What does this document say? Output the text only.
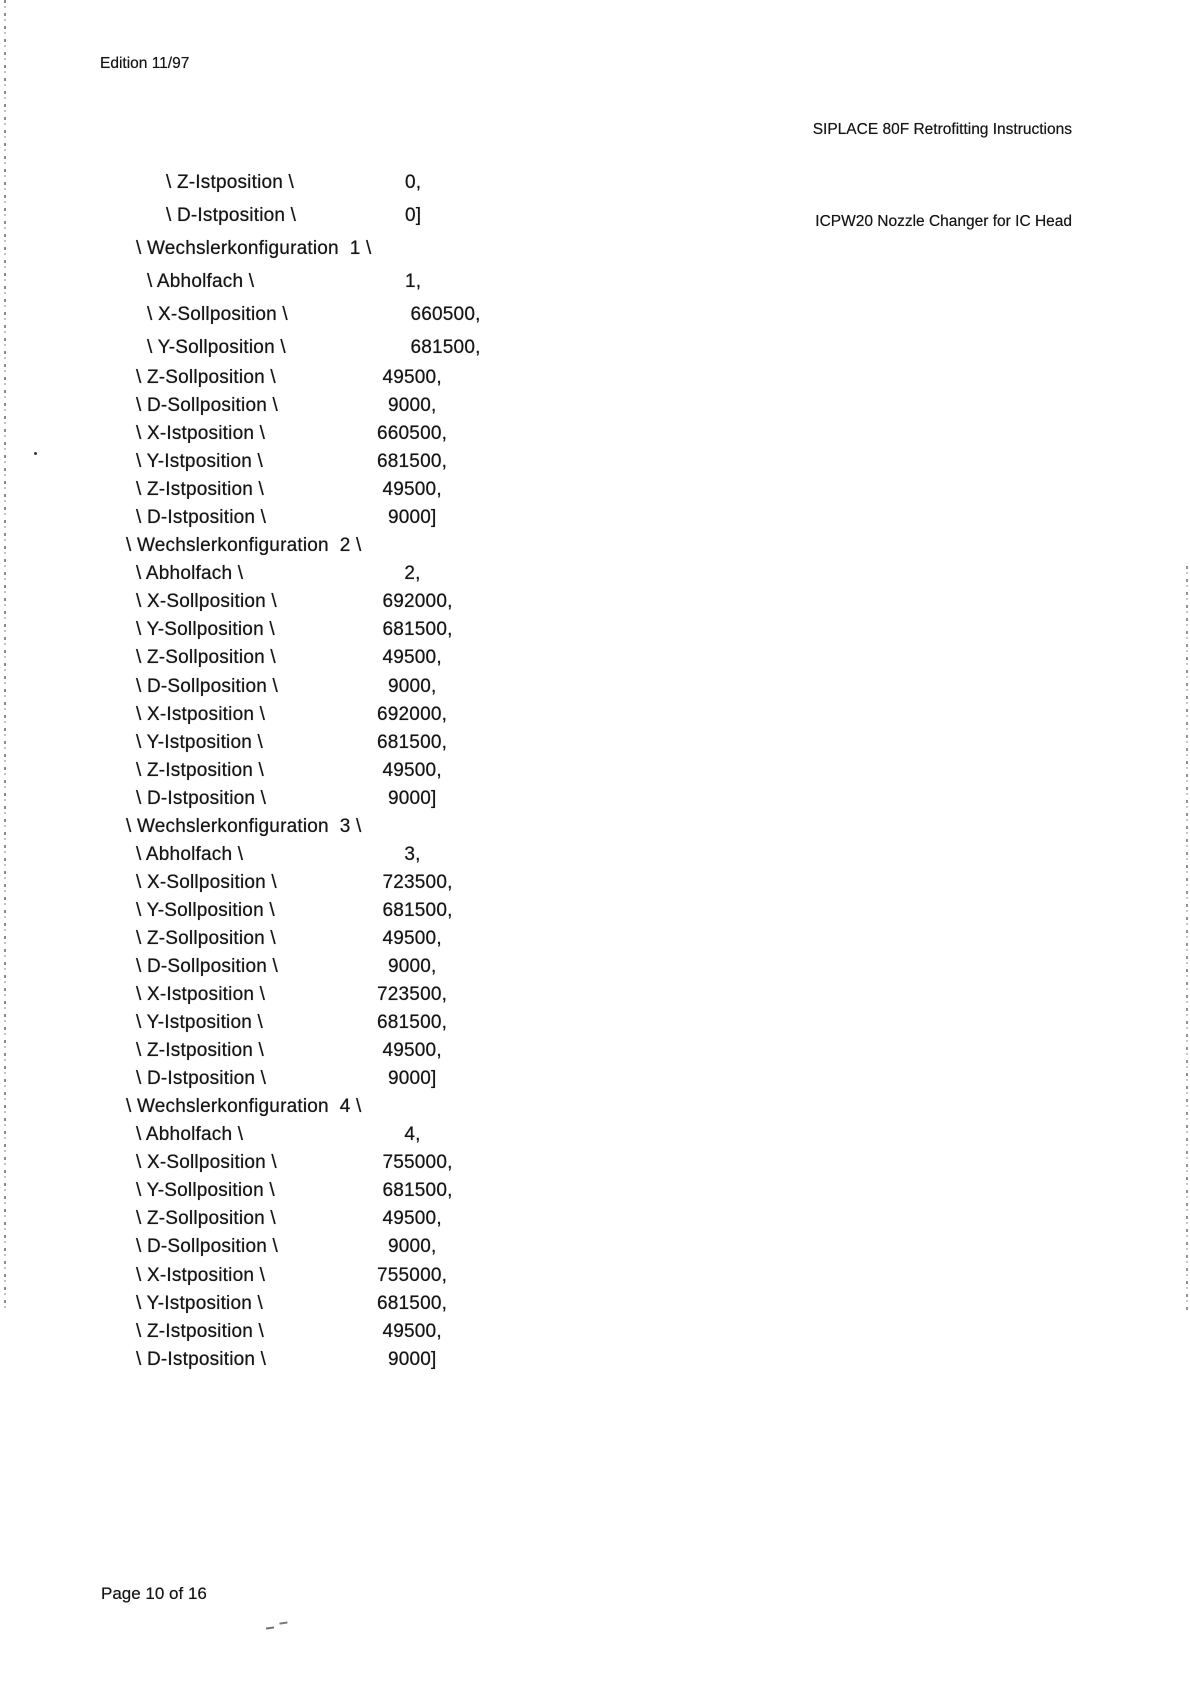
Edition 11/97

SIPLACE 80F Retrofitting Instructions

ICPW20 Nozzle Changer for IC Head

\ Z-Istposition \	0,
\ D-Istposition \	0]
\ Wechslerkonfiguration  1 \
\ Abholfach \	1,
\ X-Sollposition \	660500,
\ Y-Sollposition \	681500,
\ Z-Sollposition \	49500,
\ D-Sollposition \	9000,
\ X-Istposition \	660500,
\ Y-Istposition \	681500,
\ Z-Istposition \	49500,
\ D-Istposition \	9000]
\ Wechslerkonfiguration  2 \
\ Abholfach \	2,
\ X-Sollposition \	692000,
\ Y-Sollposition \	681500,
\ Z-Sollposition \	49500,
\ D-Sollposition \	9000,
\ X-Istposition \	692000,
\ Y-Istposition \	681500,
\ Z-Istposition \	49500,
\ D-Istposition \	9000]
\ Wechslerkonfiguration  3 \
\ Abholfach \	3,
\ X-Sollposition \	723500,
\ Y-Sollposition \	681500,
\ Z-Sollposition \	49500,
\ D-Sollposition \	9000,
\ X-Istposition \	723500,
\ Y-Istposition \	681500,
\ Z-Istposition \	49500,
\ D-Istposition \	9000]
\ Wechslerkonfiguration  4 \
\ Abholfach \	4,
\ X-Sollposition \	755000,
\ Y-Sollposition \	681500,
\ Z-Sollposition \	49500,
\ D-Sollposition \	9000,
\ X-Istposition \	755000,
\ Y-Istposition \	681500,
\ Z-Istposition \	49500,
\ D-Istposition \	9000]
Page 10 of 16
